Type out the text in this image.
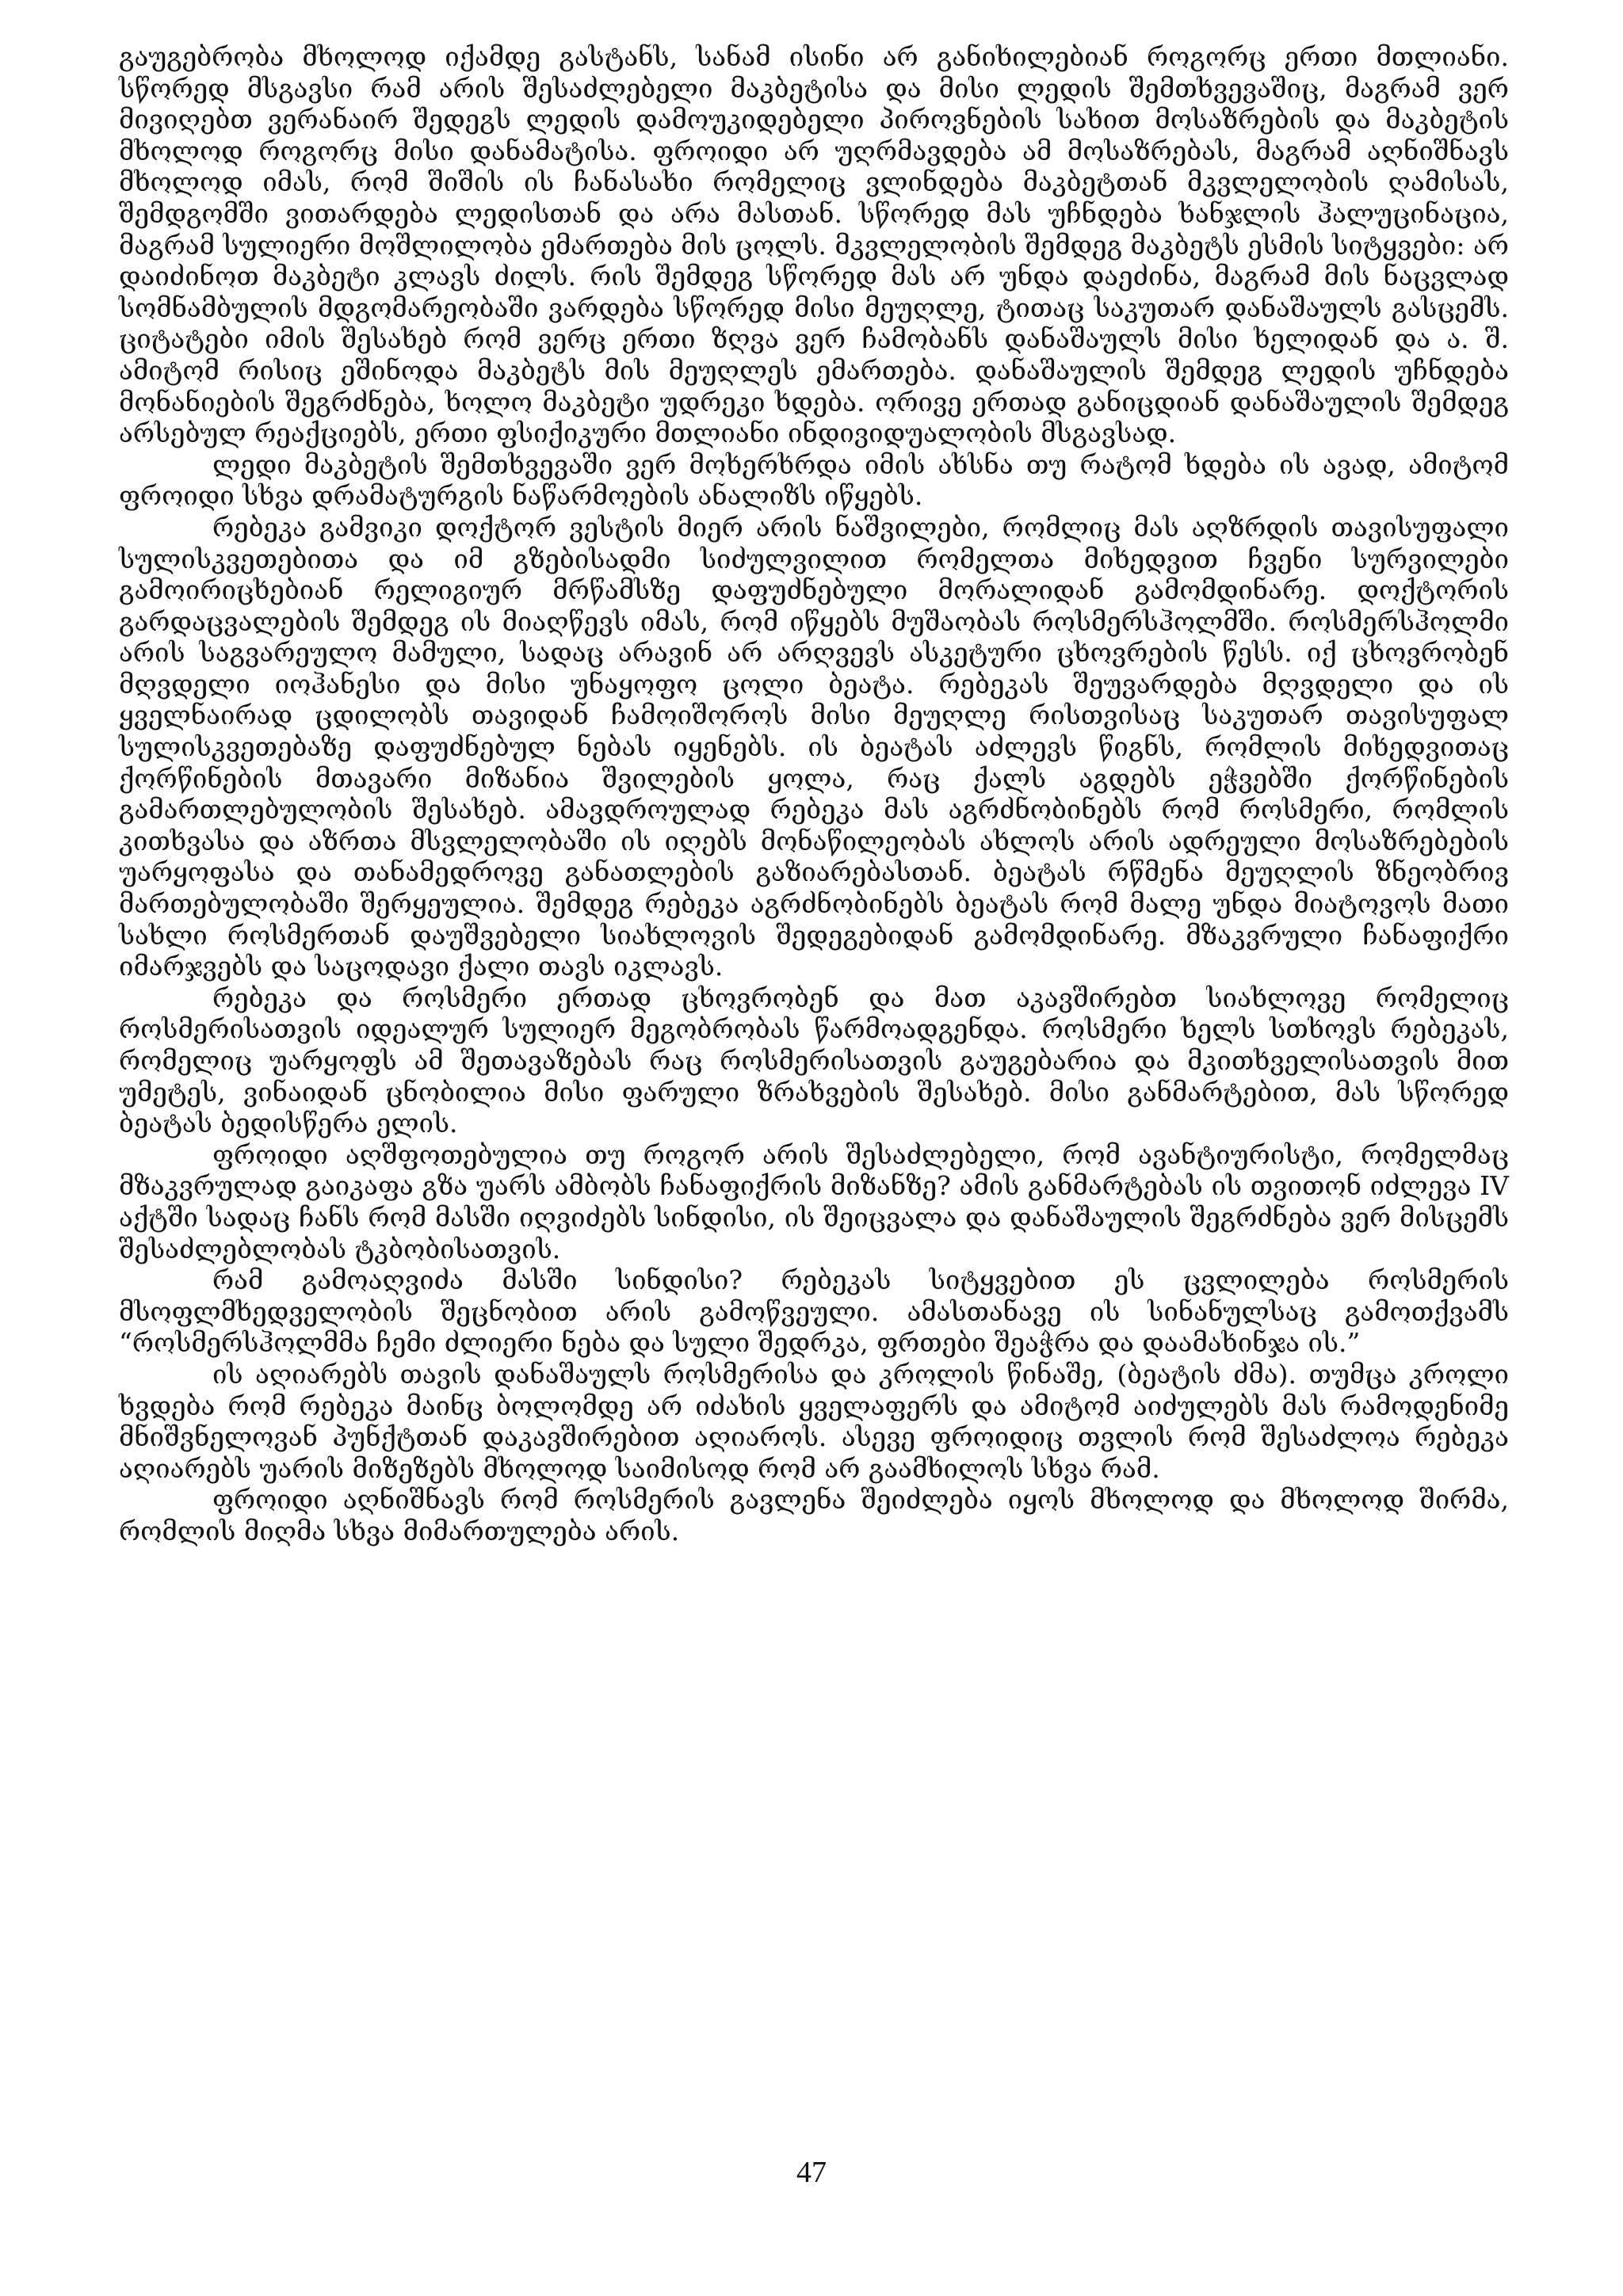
გაუგებრობა მხოლოდ იქამდე გასტანს, სანამ ისინი არ განიხილებიან როგორც ერთი მთლიანი. სწორედ მსგავსი რამ არის შესაძლებელი მაკბეტისა და მისი ლედის შემთხვევაშიც, მაგრამ ვერ მივიღებთ ვერანაირ შედეგს ლედის დამოუკიდებელი პიროვნების სახით მოსაზრების და მაკბეტის მხოლოდ როგორც მისი დანამატისა. ფროიდი არ უღრმავდება ამ მოსაზრებას, მაგრამ აღნიშნავს მხოლოდ იმას, რომ შიშის ის ჩანასახი რომელიც ვლინდება მაკბეტთან მკვლელობის ღამისას, შემდგომში ვითარდება ლედისთან და არა მასთან. სწორედ მას უჩნდება ხანჯლის ჰალუცინაცია, მაგრამ სულიერი მოშლილობა ემართება მის ცოლს. მკვლელობის შემდეგ მაკბეტს ესმის სიტყვები: არ დაიძინოთ მაკბეტი კლავს ძილს. რის შემდეგ სწორედ მას არ უნდა დაეძინა, მაგრამ მის ნაცვლად სომნამბულის მდგომარეობაში ვარდება სწორედ მისი მეუღლე, ტითაც საკუთარ დანაშაულს გასცემს. ციტატები იმის შესახებ რომ ვერც ერთი ზღვა ვერ ჩამობანს დანაშაულს მისი ხელიდან და ა. შ. ამიტომ რისიც ეშინოდა მაკბეტს მის მეუღლეს ემართება. დანაშაულის შემდეგ ლედის უჩნდება მონანიების შეგრძნება, ხოლო მაკბეტი უდრეკი ხდება. ორივე ერთად განიცდიან დანაშაულის შემდეგ არსებულ რეაქციებს, ერთი ფსიქიკური მთლიანი ინდივიდუალობის მსგავსად.

ლედი მაკბეტის შემთხვევაში ვერ მოხერხრდა იმის ახსნა თუ რატომ ხდება ის ავად, ამიტომ ფროიდი სხვა დრამატურგის ნაწარმოების ანალიზს იწყებს.

რებეკა გამვიკი დოქტორ ვესტის მიერ არის ნაშვილები, რომლიც მას აღზრდის თავისუფალი სულისკვეთებითა და იმ გზებისადმი სიძულვილით რომელთა მიხედვით ჩვენი სურვილები გამოირიცხებიან რელიგიურ მრწამსზე დაფუძნებული მორალიდან გამომდინარე. დოქტორის გარდაცვალების შემდეგ ის მიაღწევს იმას, რომ იწყებს მუშაობას როსმერსჰოლმში. როსმერსჰოლმი არის საგვარეულო მამული, სადაც არავინ არ არღვევს ასკეტური ცხოვრების წესს. იქ ცხოვრობენ მღვდელი იოჰანესი და მისი უნაყოფო ცოლი ბეატა. რებეკას შეუვარდება მღვდელი და ის ყველნაირად ცდილობს თავიდან ჩამოიშოროს მისი მეუღლე რისთვისაც საკუთარ თავისუფალ სულისკვეთებაზე დაფუძნებულ ნებას იყენებს. ის ბეატას აძლევს წიგნს, რომლის მიხედვითაც ქორწინების მთავარი მიზანია შვილების ყოლა, რაც ქალს აგდებს ეჭვებში ქორწინების გამართლებულობის შესახებ. ამავდროულად რებეკა მას აგრძნობინებს რომ როსმერი, რომლის კითხვასა და აზრთა მსვლელობაში ის იღებს მონაწილეობას ახლოს არის ადრეული მოსაზრებების უარყოფასა და თანამედროვე განათლების გაზიარებასთან. ბეატას რწმენა მეუღლის ზნეობრივ მართებულობაში შერყეულია. შემდეგ რებეკა აგრძნობინებს ბეატას რომ მალე უნდა მიატოვოს მათი სახლი როსმერთან დაუშვებელი სიახლოვის შედეგებიდან გამომდინარე. მზაკვრული ჩანაფიქრი იმარჯვებს და საცოდავი ქალი თავს იკლავს.

რებეკა და როსმერი ერთად ცხოვრობენ და მათ აკავშირებთ სიახლოვე რომელიც როსმერისათვის იდეალურ სულიერ მეგობრობას წარმოადგენდა. როსმერი ხელს სთხოვს რებეკას, რომელიც უარყოფს ამ შეთავაზებას რაც როსმერისათვის გაუგებარია და მკითხველისათვის მით უმეტეს, ვინაიდან ცნობილია მისი ფარული ზრახვების შესახებ. მისი განმარტებით, მას სწორედ ბეატას ბედისწერა ელის.

ფროიდი აღშფოთებულია თუ როგორ არის შესაძლებელი, რომ ავანტიურისტი, რომელმაც მზაკვრულად გაიკაფა გზა უარს ამბობს ჩანაფიქრის მიზანზე? ამის განმარტებას ის თვითონ იძლევა IV აქტში სადაც ჩანს რომ მასში იღვიძებს სინდისი, ის შეიცვალა და დანაშაულის შეგრძნება ვერ მისცემს შესაძლებლობას ტკბობისათვის.

რამ გამოაღვიძა მასში სინდისი? რებეკას სიტყვებით ეს ცვლილება როსმერის მსოფლმხედველობის შეცნობით არის გამოწვეული. ამასთანავე ის სინანულსაც გამოთქვამს “როსმერსჰოლმმა ჩემი ძლიერი ნება და სული შედრკა, ფრთები შეაჭრა და დაამახინჯა ის.”

ის აღიარებს თავის დანაშაულს როსმერისა და კროლის წინაშე, (ბეატის ძმა). თუმცა კროლი ხვდება რომ რებეკა მაინც ბოლომდე არ იძახის ყველაფერს და ამიტომ აიძულებს მას რამოდენიმე მნიშვნელოვან პუნქტთან დაკავშირებით აღიაროს. ასევე ფროიდიც თვლის რომ შესაძლოა რებეკა აღიარებს უარის მიზეზებს მხოლოდ საიმისოდ რომ არ გაამხილოს სხვა რამ.

ფროიდი აღნიშნავს რომ როსმერის გავლენა შეიძლება იყოს მხოლოდ და მხოლოდ შირმა, რომლის მიღმა სხვა მიმართულება არის.

47
